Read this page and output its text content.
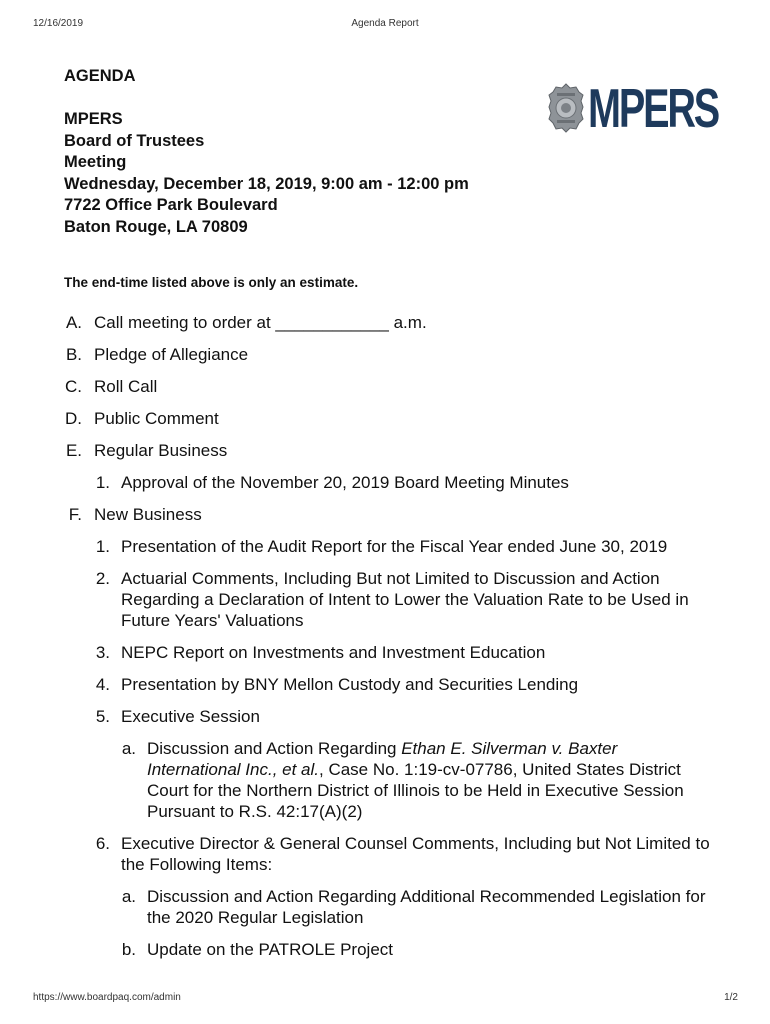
12/16/2019	Agenda Report
AGENDA
MPERS
Board of Trustees
Meeting
Wednesday, December 18, 2019, 9:00 am - 12:00 pm
7722 Office Park Boulevard
Baton Rouge, LA 70809
MPERS
The end-time listed above is only an estimate.
A. Call meeting to order at ____________ a.m.
B. Pledge of Allegiance
C. Roll Call
D. Public Comment
E. Regular Business
1. Approval of the November 20, 2019 Board Meeting Minutes
F. New Business
1. Presentation of the Audit Report for the Fiscal Year ended June 30, 2019
2. Actuarial Comments, Including But not Limited to Discussion and Action Regarding a Declaration of Intent to Lower the Valuation Rate to be Used in Future Years' Valuations
3. NEPC Report on Investments and Investment Education
4. Presentation by BNY Mellon Custody and Securities Lending
5. Executive Session
a. Discussion and Action Regarding Ethan E. Silverman v. Baxter International Inc., et al., Case No. 1:19-cv-07786, United States District Court for the Northern District of Illinois to be Held in Executive Session Pursuant to R.S. 42:17(A)(2)
6. Executive Director & General Counsel Comments, Including but Not Limited to the Following Items:
a. Discussion and Action Regarding Additional Recommended Legislation for the 2020 Regular Legislation
b. Update on the PATROLE Project
https://www.boardpaq.com/admin	1/2
